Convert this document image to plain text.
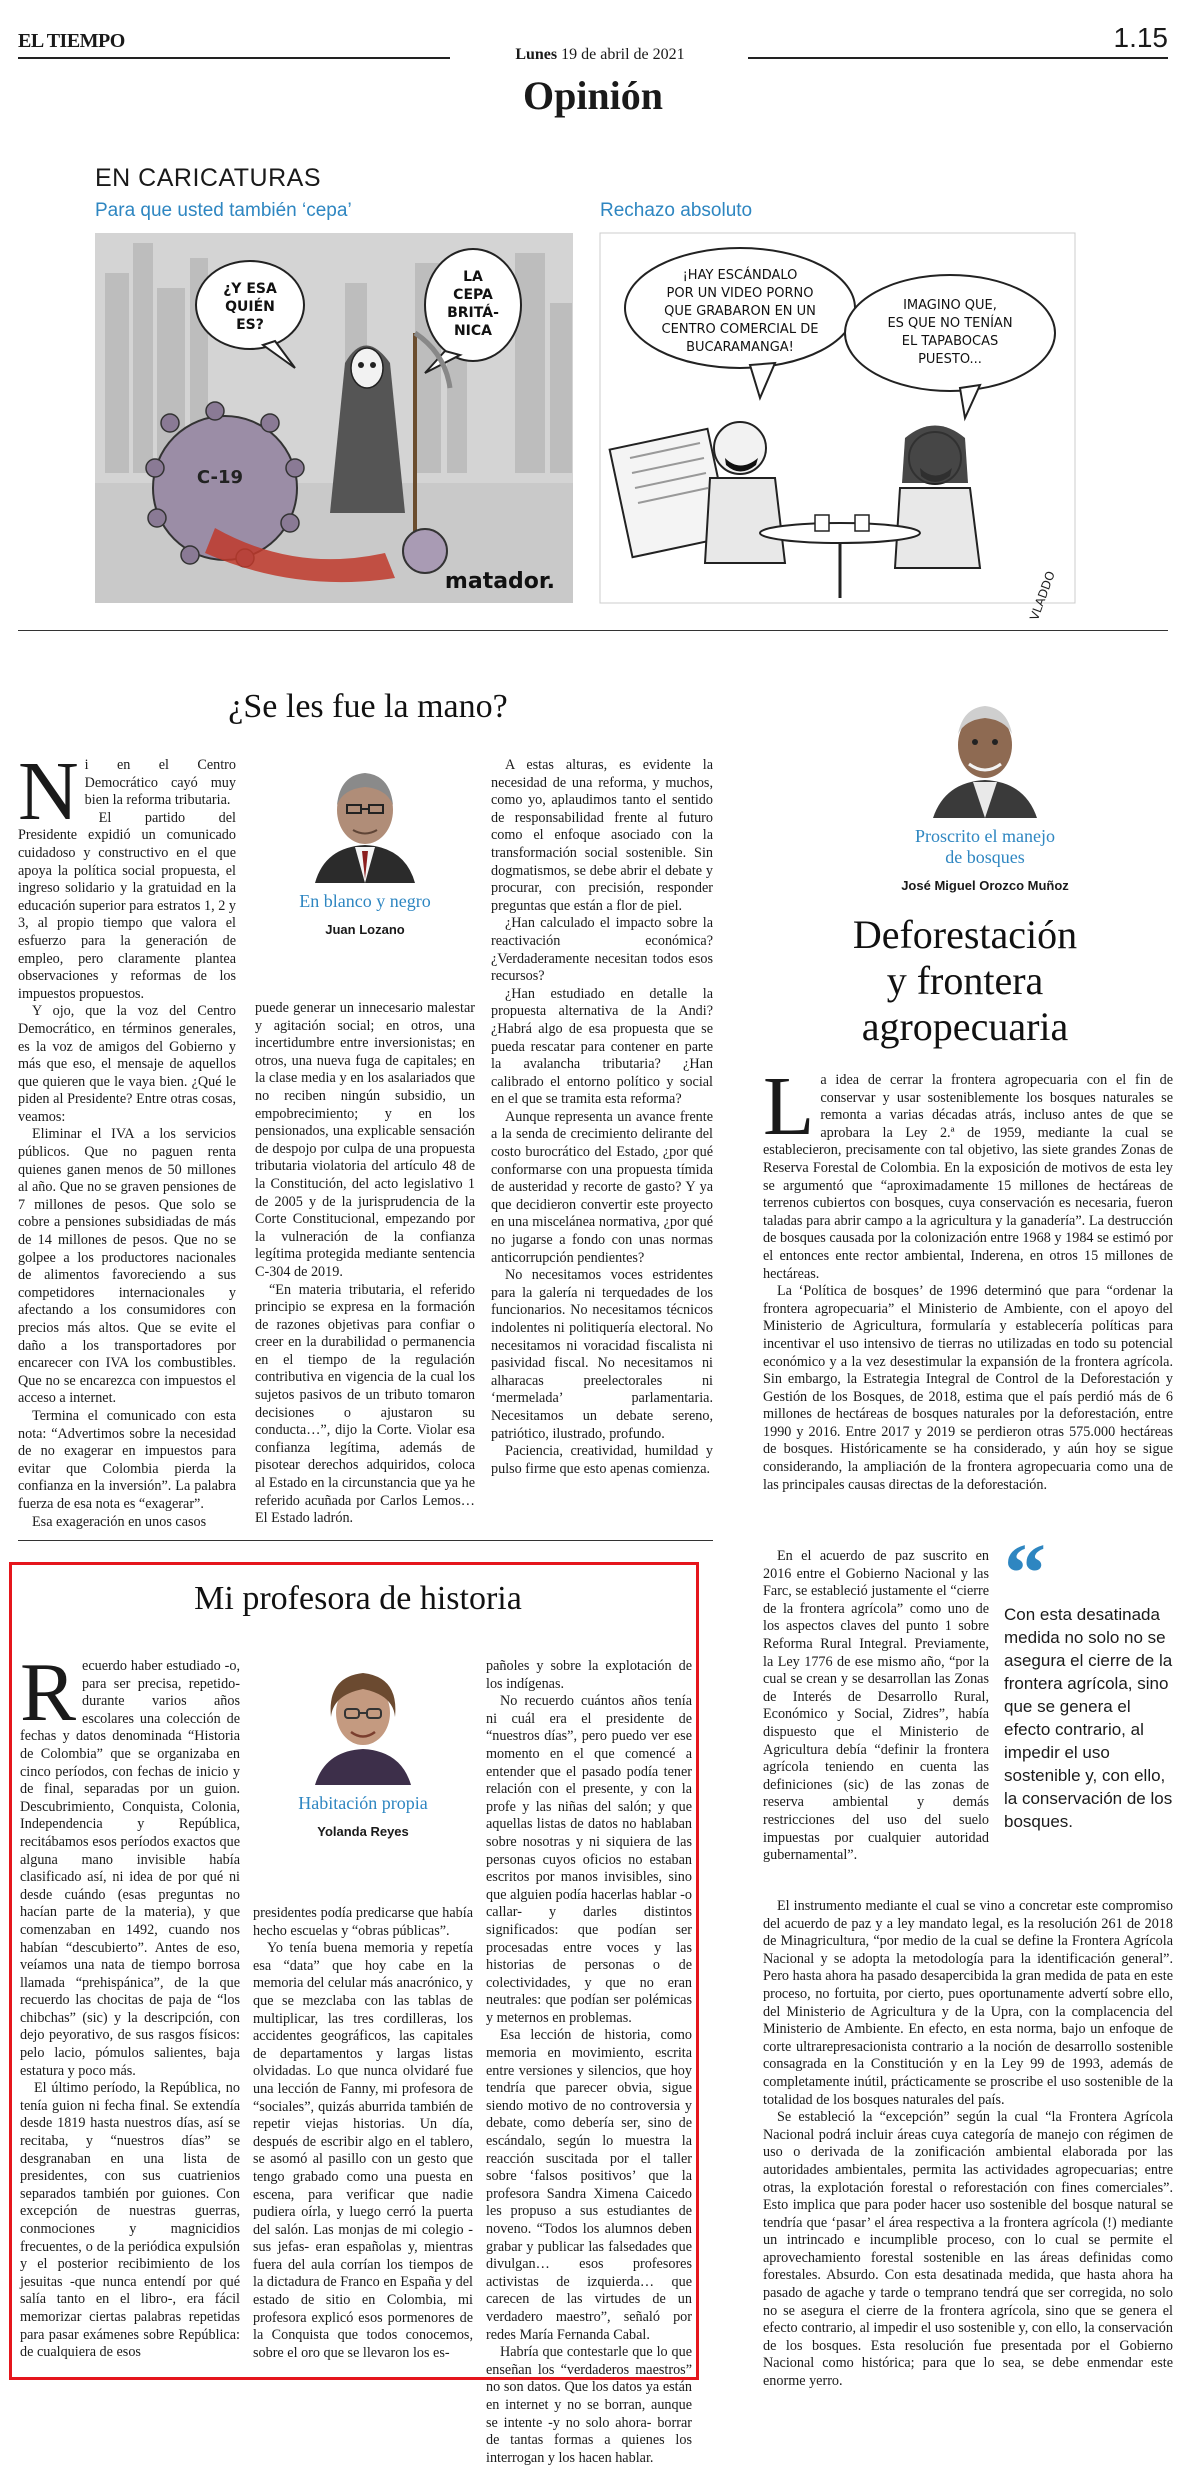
EL TIEMPO
Lunes 19 de abril de 2021
1.15
Opinión
EN CARICATURAS
Para que usted también ‘cepa’	Rechazo absoluto
¿Y ESA
QUIÉN
ES?
LA
CEPA
BRITÁ-
NICA
C-19
matador.
¡HAY ESCÁNDALO
POR UN VIDEO PORNO
QUE GRABARON EN UN
CENTRO COMERCIAL DE
BUCARAMANGA!
IMAGINO QUE,
ES QUE NO TENÍAN
EL TAPABOCAS
PUESTO...
VLADDO
¿Se les fue la mano?
N i en el Centro Democrático cayó muy bien la reforma tributaria.

El partido del Presidente expidió un comunicado cuidadoso y constructivo en el que apoya la política social propuesta, el ingreso solidario y la gratuidad en la educación superior para estratos 1, 2 y 3, al propio tiempo que valora el esfuerzo para la generación de empleo, pero claramente plantea observaciones y reformas de los impuestos propuestos.

Y ojo, que la voz del Centro Democrático, en términos generales, es la voz de amigos del Gobierno y más que eso, el mensaje de aquellos que quieren que le vaya bien. ¿Qué le piden al Presidente? Entre otras cosas, veamos:

Eliminar el IVA a los servicios públicos. Que no paguen renta quienes ganen menos de 50 millones al año. Que no se graven pensiones de 7 millones de pesos. Que solo se cobre a pensiones subsidiadas de más de 14 millones de pesos. Que no se golpee a los productores nacionales de alimentos favoreciendo a sus competidores internacionales y afectando a los consumidores con precios más altos. Que se evite el daño a los transportadores por encarecer con IVA los combustibles. Que no se encarezca con impuestos el acceso a internet.

Termina el comunicado con esta nota: “Advertimos sobre la necesidad de no exagerar en impuestos para evitar que Colombia pierda la confianza en la inversión”. La palabra fuerza de esa nota es “exagerar”.

Esa exageración en unos casos

En blanco y negro
Juan Lozano

puede generar un innecesario malestar y agitación social; en otros, una incertidumbre entre inversionistas; en otros, una nueva fuga de capitales; en la clase media y en los asalariados que no reciben ningún subsidio, un empobrecimiento; y en los pensionados, una explicable sensación de despojo por culpa de una propuesta tributaria violatoria del artículo 48 de la Constitución, del acto legislativo 1 de 2005 y de la jurisprudencia de la Corte Constitucional, empezando por la vulneración de la confianza legítima protegida mediante sentencia C-304 de 2019.

“En materia tributaria, el referido principio se expresa en la formación de razones objetivas para confiar o creer en la durabilidad o permanencia en el tiempo de la regulación contributiva en vigencia de la cual los sujetos pasivos de un tributo tomaron decisiones o ajustaron su conducta…”, dijo la Corte. Violar esa confianza legítima, además de pisotear derechos adquiridos, coloca al Estado en la circunstancia que ya he referido acuñada por Carlos Lemos… El Estado ladrón.

A estas alturas, es evidente la necesidad de una reforma, y muchos, como yo, aplaudimos tanto el sentido de responsabilidad frente al futuro como el enfoque asociado con la transformación social sostenible. Sin dogmatismos, se debe abrir el debate y procurar, con precisión, responder preguntas que están a flor de piel.

¿Han calculado el impacto sobre la reactivación económica? ¿Verdaderamente necesitan todos esos recursos?

¿Han estudiado en detalle la propuesta alternativa de la Andi? ¿Habrá algo de esa propuesta que se pueda rescatar para contener en parte la avalancha tributaria? ¿Han calibrado el entorno político y social en el que se tramita esta reforma?

Aunque representa un avance frente a la senda de crecimiento delirante del costo burocrático del Estado, ¿por qué conformarse con una propuesta tímida de austeridad y recorte de gasto? Y ya que decidieron convertir este proyecto en una miscelánea normativa, ¿por qué no jugarse a fondo con unas normas anticorrupción pendientes?

No necesitamos voces estridentes para la galería ni terquedades de los funcionarios. No necesitamos técnicos indolentes ni politiquería electoral. No necesitamos ni voracidad fiscalista ni pasividad fiscal. No necesitamos ni alharacas preelectorales ni ‘mermelada’ parlamentaria. Necesitamos un debate sereno, patriótico, ilustrado, profundo.

Paciencia, creatividad, humildad y pulso firme que esto apenas comienza.

Mi profesora de historia
R ecuerdo haber estudiado -o, para ser precisa, repetido- durante varios años escolares una colección de fechas y datos denominada “Historia de Colombia” que se organizaba en cinco períodos, con fechas de inicio y de final, separadas por un guion. Descubrimiento, Conquista, Colonia, Independencia y República, recitábamos esos períodos exactos que alguna mano invisible había clasificado así, ni idea de por qué ni desde cuándo (esas preguntas no hacían parte de la materia), y que comenzaban en 1492, cuando nos habían “descubierto”. Antes de eso, veíamos una nata de tiempo borrosa llamada “prehispánica”, de la que recuerdo las chocitas de paja de “los chibchas” (sic) y la descripción, con dejo peyorativo, de sus rasgos físicos: pelo lacio, pómulos salientes, baja estatura y poco más.

El último período, la República, no tenía guion ni fecha final. Se extendía desde 1819 hasta nuestros días, así se recitaba, y “nuestros días” se desgranaban en una lista de presidentes, con sus cuatrienios separados también por guiones. Con excepción de nuestras guerras, conmociones y magnicidios frecuentes, o de la periódica expulsión y el posterior recibimiento de los jesuitas -que nunca entendí por qué salía tanto en el libro-, era fácil memorizar ciertas palabras repetidas para pasar exámenes sobre República: de cualquiera de esos

Habitación propia
Yolanda Reyes

presidentes podía predicarse que había hecho escuelas y “obras públicas”.

Yo tenía buena memoria y repetía esa “data” que hoy cabe en la memoria del celular más anacrónico, y que se mezclaba con las tablas de multiplicar, las tres cordilleras, los accidentes geográficos, las capitales de departamentos y largas listas olvidadas. Lo que nunca olvidaré fue una lección de Fanny, mi profesora de “sociales”, quizás aburrida también de repetir viejas historias. Un día, después de escribir algo en el tablero, se asomó al pasillo con un gesto que tengo grabado como una puesta en escena, para verificar que nadie pudiera oírla, y luego cerró la puerta del salón. Las monjas de mi colegio -sus jefas- eran españolas y, mientras fuera del aula corrían los tiempos de la dictadura de Franco en España y del estado de sitio en Colombia, mi profesora explicó esos pormenores de la Conquista que todos conocemos, sobre el oro que se llevaron los es-

pañoles y sobre la explotación de los indígenas.

No recuerdo cuántos años tenía ni cuál era el presidente de “nuestros días”, pero puedo ver ese momento en el que comencé a entender que el pasado podía tener relación con el presente, y con la profe y las niñas del salón; y que aquellas listas de datos no hablaban sobre nosotras y ni siquiera de las personas cuyos oficios no estaban escritos por manos invisibles, sino que alguien podía hacerlas hablar -o callar- y darles distintos significados: que podían ser procesadas entre voces y las historias de personas o de colectividades, y que no eran neutrales: que podían ser polémicas y meternos en problemas.

Esa lección de historia, como memoria en movimiento, escrita entre versiones y silencios, que hoy tendría que parecer obvia, sigue siendo motivo de no controversia y debate, como debería ser, sino de escándalo, según lo muestra la reacción suscitada por el taller sobre ‘falsos positivos’ que la profesora Sandra Ximena Caicedo les propuso a sus estudiantes de noveno. “Todos los alumnos deben grabar y publicar las falsedades que divulgan… esos profesores activistas de izquierda… que carecen de las virtudes de un verdadero maestro”, señaló por redes María Fernanda Cabal.

Habría que contestarle que lo que enseñan los “verdaderos maestros” no son datos. Que los datos ya están en internet y no se borran, aunque se intente -y no solo ahora- borrar de tantas formas a quienes los interrogan y los hacen hablar.

Proscrito el manejo
de bosques
José Miguel Orozco Muñoz
Deforestación
y frontera
agropecuaria
L a idea de cerrar la frontera agropecuaria con el fin de conservar y usar sosteniblemente los bosques naturales se remonta a varias décadas atrás, incluso antes de que se aprobara la Ley 2.ª de 1959, mediante la cual se establecieron, precisamente con tal objetivo, las siete grandes Zonas de Reserva Forestal de Colombia. En la exposición de motivos de esta ley se argumentó que “aproximadamente 15 millones de hectáreas de terrenos cubiertos con bosques, cuya conservación es necesaria, fueron taladas para abrir campo a la agricultura y la ganadería”. La destrucción de bosques causada por la colonización entre 1968 y 1984 se estimó por el entonces ente rector ambiental, Inderena, en otros 15 millones de hectáreas.

La ‘Política de bosques’ de 1996 determinó que para “ordenar la frontera agropecuaria” el Ministerio de Ambiente, con el apoyo del Ministerio de Agricultura, formularía y establecería políticas para incentivar el uso intensivo de tierras no utilizadas en todo su potencial económico y a la vez desestimular la expansión de la frontera agrícola. Sin embargo, la Estrategia Integral de Control de la Deforestación y Gestión de los Bosques, de 2018, estima que el país perdió más de 6 millones de hectáreas de bosques naturales por la deforestación, entre 1990 y 2016. Entre 2017 y 2019 se perdieron otras 575.000 hectáreas de bosques. Históricamente se ha considerado, y aún hoy se sigue considerando, la ampliación de la frontera agropecuaria como una de las principales causas directas de la deforestación.

En el acuerdo de paz suscrito en 2016 entre el Gobierno Nacional y las Farc, se estableció justamente el “cierre de la frontera agrícola” como uno de los aspectos claves del punto 1 sobre Reforma Rural Integral. Previamente, la Ley 1776 de ese mismo año, “por la cual se crean y se desarrollan las Zonas de Interés de Desarrollo Rural, Económico y Social, Zidres”, había dispuesto que el Ministerio de Agricultura debía “definir la frontera agrícola teniendo en cuenta las definiciones (sic) de las zonas de reserva ambiental y demás restricciones del uso del suelo impuestas por cualquier autoridad gubernamental”.

“
Con esta desatinada medida no solo no se asegura el cierre de la frontera agrícola, sino que se genera el efecto contrario, al impedir el uso sostenible y, con ello, la conservación de los bosques.

El instrumento mediante el cual se vino a concretar este compromiso del acuerdo de paz y a ley mandato legal, es la resolución 261 de 2018 de Minagricultura, “por medio de la cual se define la Frontera Agrícola Nacional y se adopta la metodología para la identificación general”. Pero hasta ahora ha pasado desapercibida la gran medida de pata en este proceso, no fortuita, por cierto, pues oportunamente advertí sobre ello, del Ministerio de Agricultura y de la Upra, con la complacencia del Ministerio de Ambiente. En efecto, en esta norma, bajo un enfoque de corte ultrarepresacionista contrario a la noción de desarrollo sostenible consagrada en la Constitución y en la Ley 99 de 1993, además de completamente inútil, prácticamente se proscribe el uso sostenible de la totalidad de los bosques naturales del país.

Se estableció la “excepción” según la cual “la Frontera Agrícola Nacional podrá incluir áreas cuya categoría de manejo con régimen de uso o derivada de la zonificación ambiental elaborada por las autoridades ambientales, permita las actividades agropecuarias; entre otras, la explotación forestal o reforestación con fines comerciales”. Esto implica que para poder hacer uso sostenible del bosque natural se tendría que ‘pasar’ el área respectiva a la frontera agrícola (!) mediante un intrincado e incumplible proceso, con lo cual se permite el aprovechamiento forestal sostenible en las áreas definidas como forestales. Absurdo. Con esta desatinada medida, que hasta ahora ha pasado de agache y tarde o temprano tendrá que ser corregida, no solo no se asegura el cierre de la frontera agrícola, sino que se genera el efecto contrario, al impedir el uso sostenible y, con ello, la conservación de los bosques. Esta resolución fue presentada por el Gobierno Nacional como histórica; para que lo sea, se debe enmendar este enorme yerro.
